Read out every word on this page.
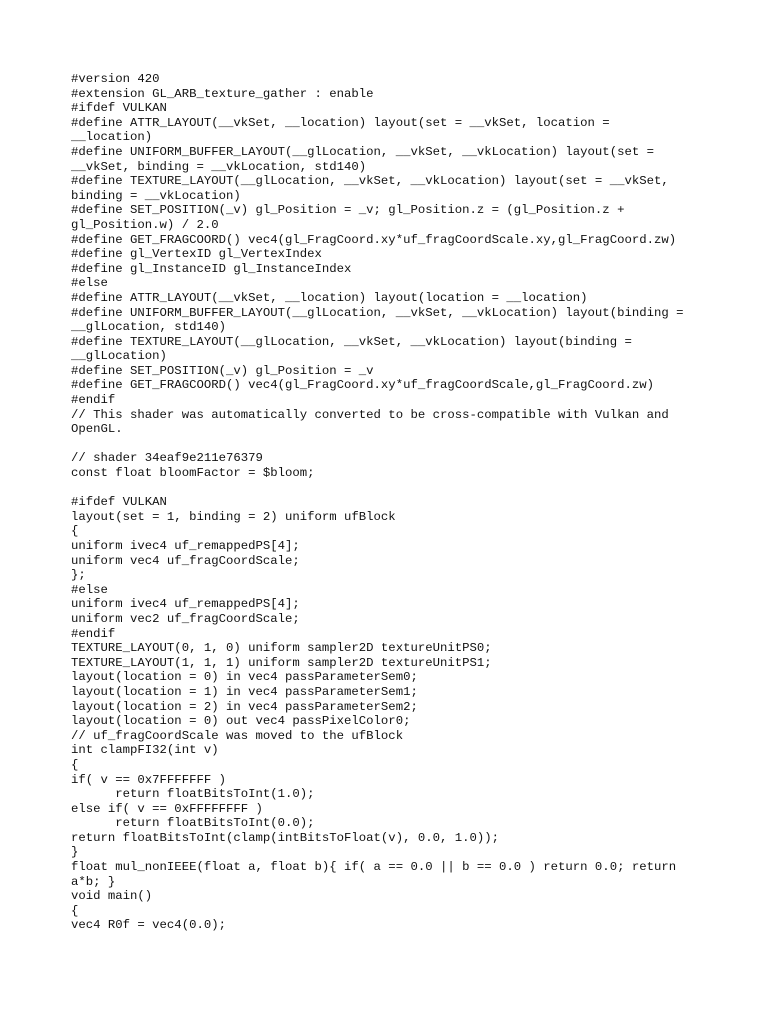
#version 420
#extension GL_ARB_texture_gather : enable
#ifdef VULKAN
#define ATTR_LAYOUT(__vkSet, __location) layout(set = __vkSet, location =
__location)
#define UNIFORM_BUFFER_LAYOUT(__glLocation, __vkSet, __vkLocation) layout(set =
__vkSet, binding = __vkLocation, std140)
#define TEXTURE_LAYOUT(__glLocation, __vkSet, __vkLocation) layout(set = __vkSet,
binding = __vkLocation)
#define SET_POSITION(_v) gl_Position = _v; gl_Position.z = (gl_Position.z +
gl_Position.w) / 2.0
#define GET_FRAGCOORD() vec4(gl_FragCoord.xy*uf_fragCoordScale.xy,gl_FragCoord.zw)
#define gl_VertexID gl_VertexIndex
#define gl_InstanceID gl_InstanceIndex
#else
#define ATTR_LAYOUT(__vkSet, __location) layout(location = __location)
#define UNIFORM_BUFFER_LAYOUT(__glLocation, __vkSet, __vkLocation) layout(binding =
__glLocation, std140)
#define TEXTURE_LAYOUT(__glLocation, __vkSet, __vkLocation) layout(binding =
__glLocation)
#define SET_POSITION(_v) gl_Position = _v
#define GET_FRAGCOORD() vec4(gl_FragCoord.xy*uf_fragCoordScale,gl_FragCoord.zw)
#endif
// This shader was automatically converted to be cross-compatible with Vulkan and
OpenGL.
// shader 34eaf9e211e76379
const float bloomFactor = $bloom;
#ifdef VULKAN
layout(set = 1, binding = 2) uniform ufBlock
{
uniform ivec4 uf_remappedPS[4];
uniform vec4 uf_fragCoordScale;
};
#else
uniform ivec4 uf_remappedPS[4];
uniform vec2 uf_fragCoordScale;
#endif
TEXTURE_LAYOUT(0, 1, 0) uniform sampler2D textureUnitPS0;
TEXTURE_LAYOUT(1, 1, 1) uniform sampler2D textureUnitPS1;
layout(location = 0) in vec4 passParameterSem0;
layout(location = 1) in vec4 passParameterSem1;
layout(location = 2) in vec4 passParameterSem2;
layout(location = 0) out vec4 passPixelColor0;
// uf_fragCoordScale was moved to the ufBlock
int clampFI32(int v)
{
if( v == 0x7FFFFFFF )
return floatBitsToInt(1.0);
else if( v == 0xFFFFFFFF )
return floatBitsToInt(0.0);
return floatBitsToInt(clamp(intBitsToFloat(v), 0.0, 1.0));
}
float mul_nonIEEE(float a, float b){ if( a == 0.0 || b == 0.0 ) return 0.0; return
a*b; }
void main()
{
vec4 R0f = vec4(0.0);
